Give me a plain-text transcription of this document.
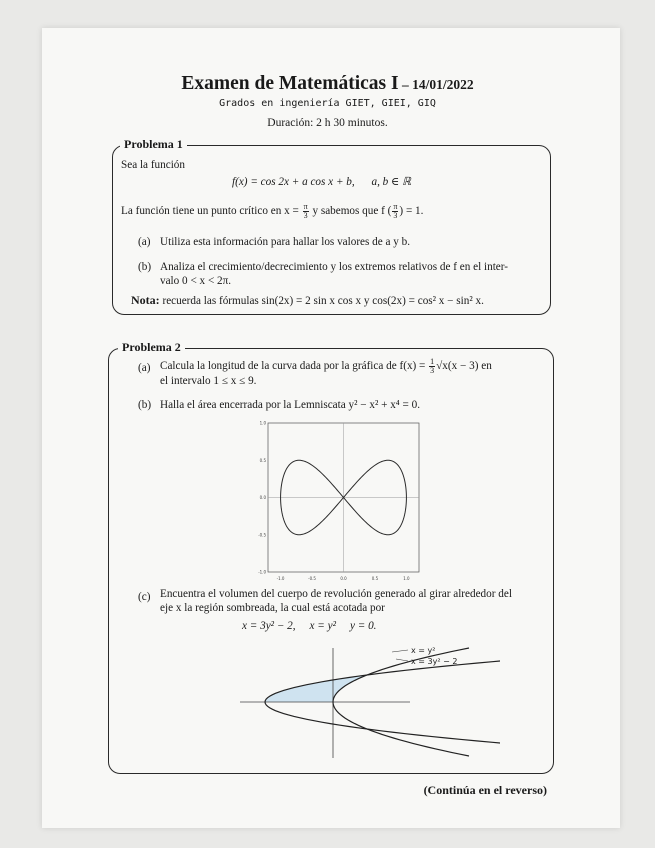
Examen de Matemáticas I – 14/01/2022
Grados en ingeniería GIET, GIEI, GIQ
Duración: 2 h 30 minutos.
Problema 1
Sea la función
f(x) = cos 2x + a cos x + b, a, b ∈ ℝ
La función tiene un punto crítico en $x = \frac{\pi}{3}$ y sabemos que f ( $\frac{\pi}{3}$ ) = 1.
(a) Utiliza esta información para hallar los valores de a y b.
(b) Analiza el crecimiento/decrecimiento y los extremos relativos de f en el inter-
valo 0 < x < 2π.
Nota: recuerda las fórmulas sin(2x) = 2 sin x cos x y cos(2x) = cos² x − sin² x.
Problema 2
(a) Calcula la longitud de la curva dada por la gráfica de $f(x) = \frac{1}{3} √x(x - 3)$ en
el intervalo 1 ≤ x ≤ 9.
(b) Halla el área encerrada por la Lemniscata y² − x² + x⁴ = 0.
-1.0	-0.5	0.0	0.5	1.0
1.0
0.5
0.0
-0.5
-1.0
(c) Encuentra el volumen del cuerpo de revolución generado al girar alrededor del
eje x la región sombreada, la cual está acotada por
x = 3y² − 2, x = y² y = 0.
x = y²
x = 3y² − 2
(Continúa en el reverso)
